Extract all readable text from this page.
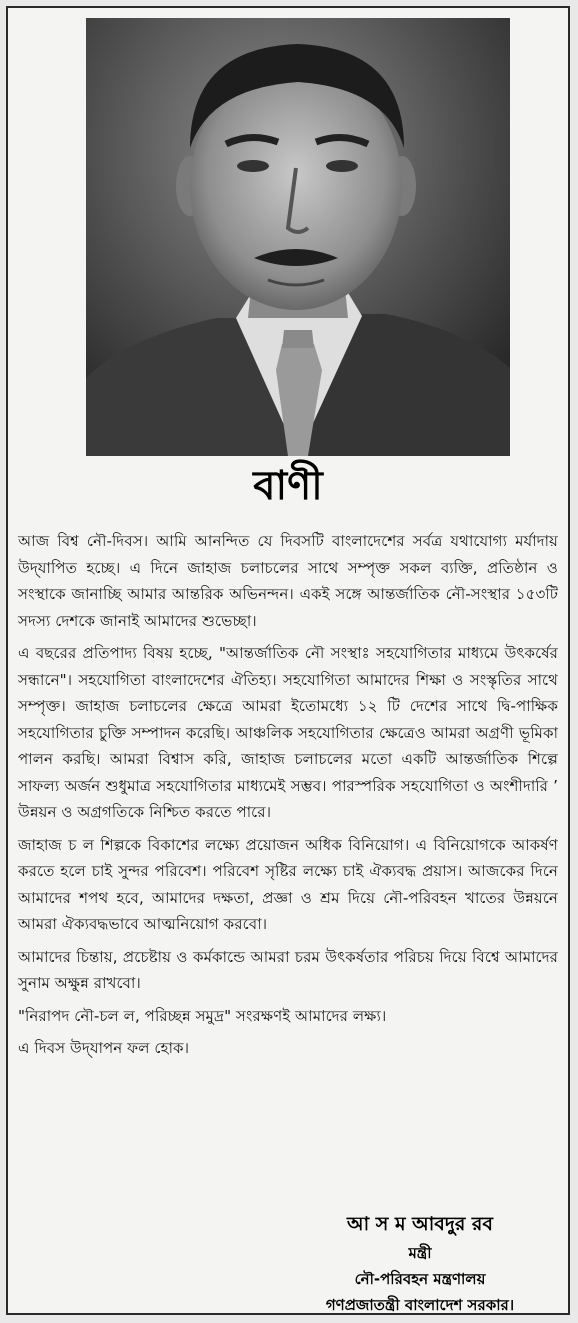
বাণী

আজ বিশ্ব নৌ-দিবস। আমি আনন্দিত যে দিবসটি বাংলাদেশের সর্বত্র যথাযোগ্য মর্যাদায় উদ্‌যাপিত হচ্ছে। এ দিনে জাহাজ চলাচলের সাথে সম্পৃক্ত সকল ব্যক্তি, প্রতিষ্ঠান ও সংস্থাকে জানাচ্ছি আমার আন্তরিক অভিনন্দন। একই সঙ্গে আন্তর্জাতিক নৌ-সংস্থার ১৫৩টি সদস্য দেশকে জানাই আমাদের শুভেচ্ছা।

এ বছরের প্রতিপাদ্য বিষয় হচ্ছে, "আন্তর্জাতিক নৌ সংস্থাঃ সহযোগিতার মাধ্যমে উৎকর্ষের সন্ধানে"। সহযোগিতা বাংলাদেশের ঐতিহ্য। সহযোগিতা আমাদের শিক্ষা ও সংস্কৃতির সাথে সম্পৃক্ত। জাহাজ চলাচলের ক্ষেত্রে আমরা ইতোমধ্যে ১২ টি দেশের সাথে দ্বি-পাক্ষিক সহযোগিতার চুক্তি সম্পাদন করেছি। আঞ্চলিক সহযোগিতার ক্ষেত্রেও আমরা অগ্রণী ভূমিকা পালন করছি। আমরা বিশ্বাস করি, জাহাজ চলাচলের মতো একটি আন্তর্জাতিক শিল্পে সাফল্য অর্জন শুধুমাত্র সহযোগিতার মাধ্যমেই সম্ভব। পারস্পরিক সহযোগিতা ও অংশীদারি ’ উন্নয়ন ও অগ্রগতিকে নিশ্চিত করতে পারে।

জাহাজ চ ল শিল্পকে বিকাশের লক্ষ্যে প্রয়োজন অধিক বিনিয়োগ। এ বিনিয়োগকে আকর্ষণ করতে হলে চাই সুন্দর পরিবেশ। পরিবেশ সৃষ্টির লক্ষ্যে চাই ঐক্যবদ্ধ প্রয়াস। আজকের দিনে আমাদের শপথ হবে, আমাদের দক্ষতা, প্রজ্ঞা ও শ্রম দিয়ে নৌ-পরিবহন খাতের উন্নয়নে আমরা ঐক্যবদ্ধভাবে আত্মনিয়োগ করবো।

আমাদের চিন্তায়, প্রচেষ্টায় ও কর্মকান্ডে আমরা চরম উৎকর্ষতার পরিচয় দিয়ে বিশ্বে আমাদের সুনাম অক্ষুন্ন রাখবো।

"নিরাপদ নৌ-চল ল, পরিচ্ছন্ন সমুদ্র" সংরক্ষণই আমাদের লক্ষ্য।

এ দিবস উদ্‌যাপন ফল হোক।

আ স ম আবদুর রব
মন্ত্রী
নৌ-পরিবহন মন্ত্রণালয়
গণপ্রজাতন্ত্রী বাংলাদেশ সরকার।
